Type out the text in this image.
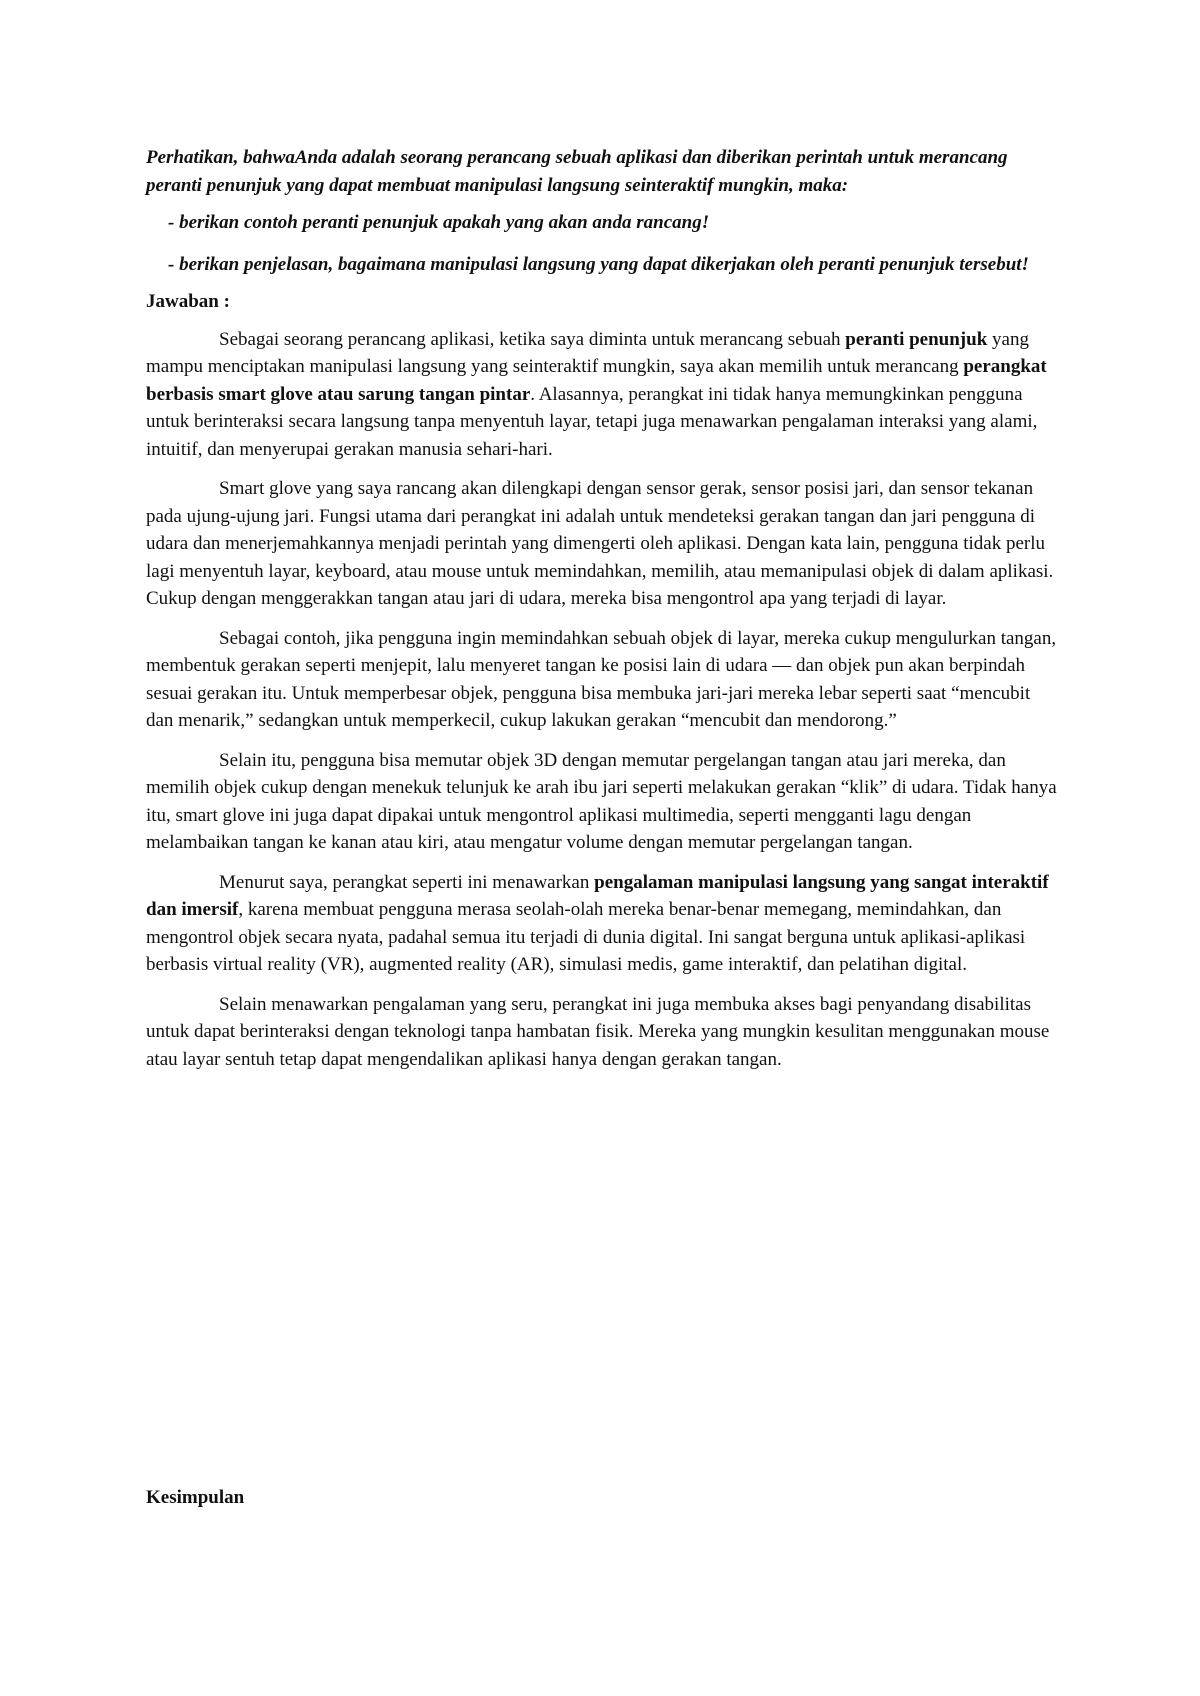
Perhatikan, bahwaAnda adalah seorang perancang sebuah aplikasi dan diberikan perintah untuk merancang peranti penunjuk yang dapat membuat manipulasi langsung seinteraktif mungkin, maka:

- berikan contoh peranti penunjuk apakah yang akan anda rancang!

- berikan penjelasan, bagaimana manipulasi langsung yang dapat dikerjakan oleh peranti penunjuk tersebut!

Jawaban :

Sebagai seorang perancang aplikasi, ketika saya diminta untuk merancang sebuah peranti penunjuk yang mampu menciptakan manipulasi langsung yang seinteraktif mungkin, saya akan memilih untuk merancang perangkat berbasis smart glove atau sarung tangan pintar. Alasannya, perangkat ini tidak hanya memungkinkan pengguna untuk berinteraksi secara langsung tanpa menyentuh layar, tetapi juga menawarkan pengalaman interaksi yang alami, intuitif, dan menyerupai gerakan manusia sehari-hari.

Smart glove yang saya rancang akan dilengkapi dengan sensor gerak, sensor posisi jari, dan sensor tekanan pada ujung-ujung jari. Fungsi utama dari perangkat ini adalah untuk mendeteksi gerakan tangan dan jari pengguna di udara dan menerjemahkannya menjadi perintah yang dimengerti oleh aplikasi. Dengan kata lain, pengguna tidak perlu lagi menyentuh layar, keyboard, atau mouse untuk memindahkan, memilih, atau memanipulasi objek di dalam aplikasi. Cukup dengan menggerakkan tangan atau jari di udara, mereka bisa mengontrol apa yang terjadi di layar.

Sebagai contoh, jika pengguna ingin memindahkan sebuah objek di layar, mereka cukup mengulurkan tangan, membentuk gerakan seperti menjepit, lalu menyeret tangan ke posisi lain di udara — dan objek pun akan berpindah sesuai gerakan itu. Untuk memperbesar objek, pengguna bisa membuka jari-jari mereka lebar seperti saat “mencubit dan menarik,” sedangkan untuk memperkecil, cukup lakukan gerakan “mencubit dan mendorong.”

Selain itu, pengguna bisa memutar objek 3D dengan memutar pergelangan tangan atau jari mereka, dan memilih objek cukup dengan menekuk telunjuk ke arah ibu jari seperti melakukan gerakan “klik” di udara. Tidak hanya itu, smart glove ini juga dapat dipakai untuk mengontrol aplikasi multimedia, seperti mengganti lagu dengan melambaikan tangan ke kanan atau kiri, atau mengatur volume dengan memutar pergelangan tangan.

Menurut saya, perangkat seperti ini menawarkan pengalaman manipulasi langsung yang sangat interaktif dan imersif, karena membuat pengguna merasa seolah-olah mereka benar-benar memegang, memindahkan, dan mengontrol objek secara nyata, padahal semua itu terjadi di dunia digital. Ini sangat berguna untuk aplikasi-aplikasi berbasis virtual reality (VR), augmented reality (AR), simulasi medis, game interaktif, dan pelatihan digital.

Selain menawarkan pengalaman yang seru, perangkat ini juga membuka akses bagi penyandang disabilitas untuk dapat berinteraksi dengan teknologi tanpa hambatan fisik. Mereka yang mungkin kesulitan menggunakan mouse atau layar sentuh tetap dapat mengendalikan aplikasi hanya dengan gerakan tangan.

Kesimpulan
